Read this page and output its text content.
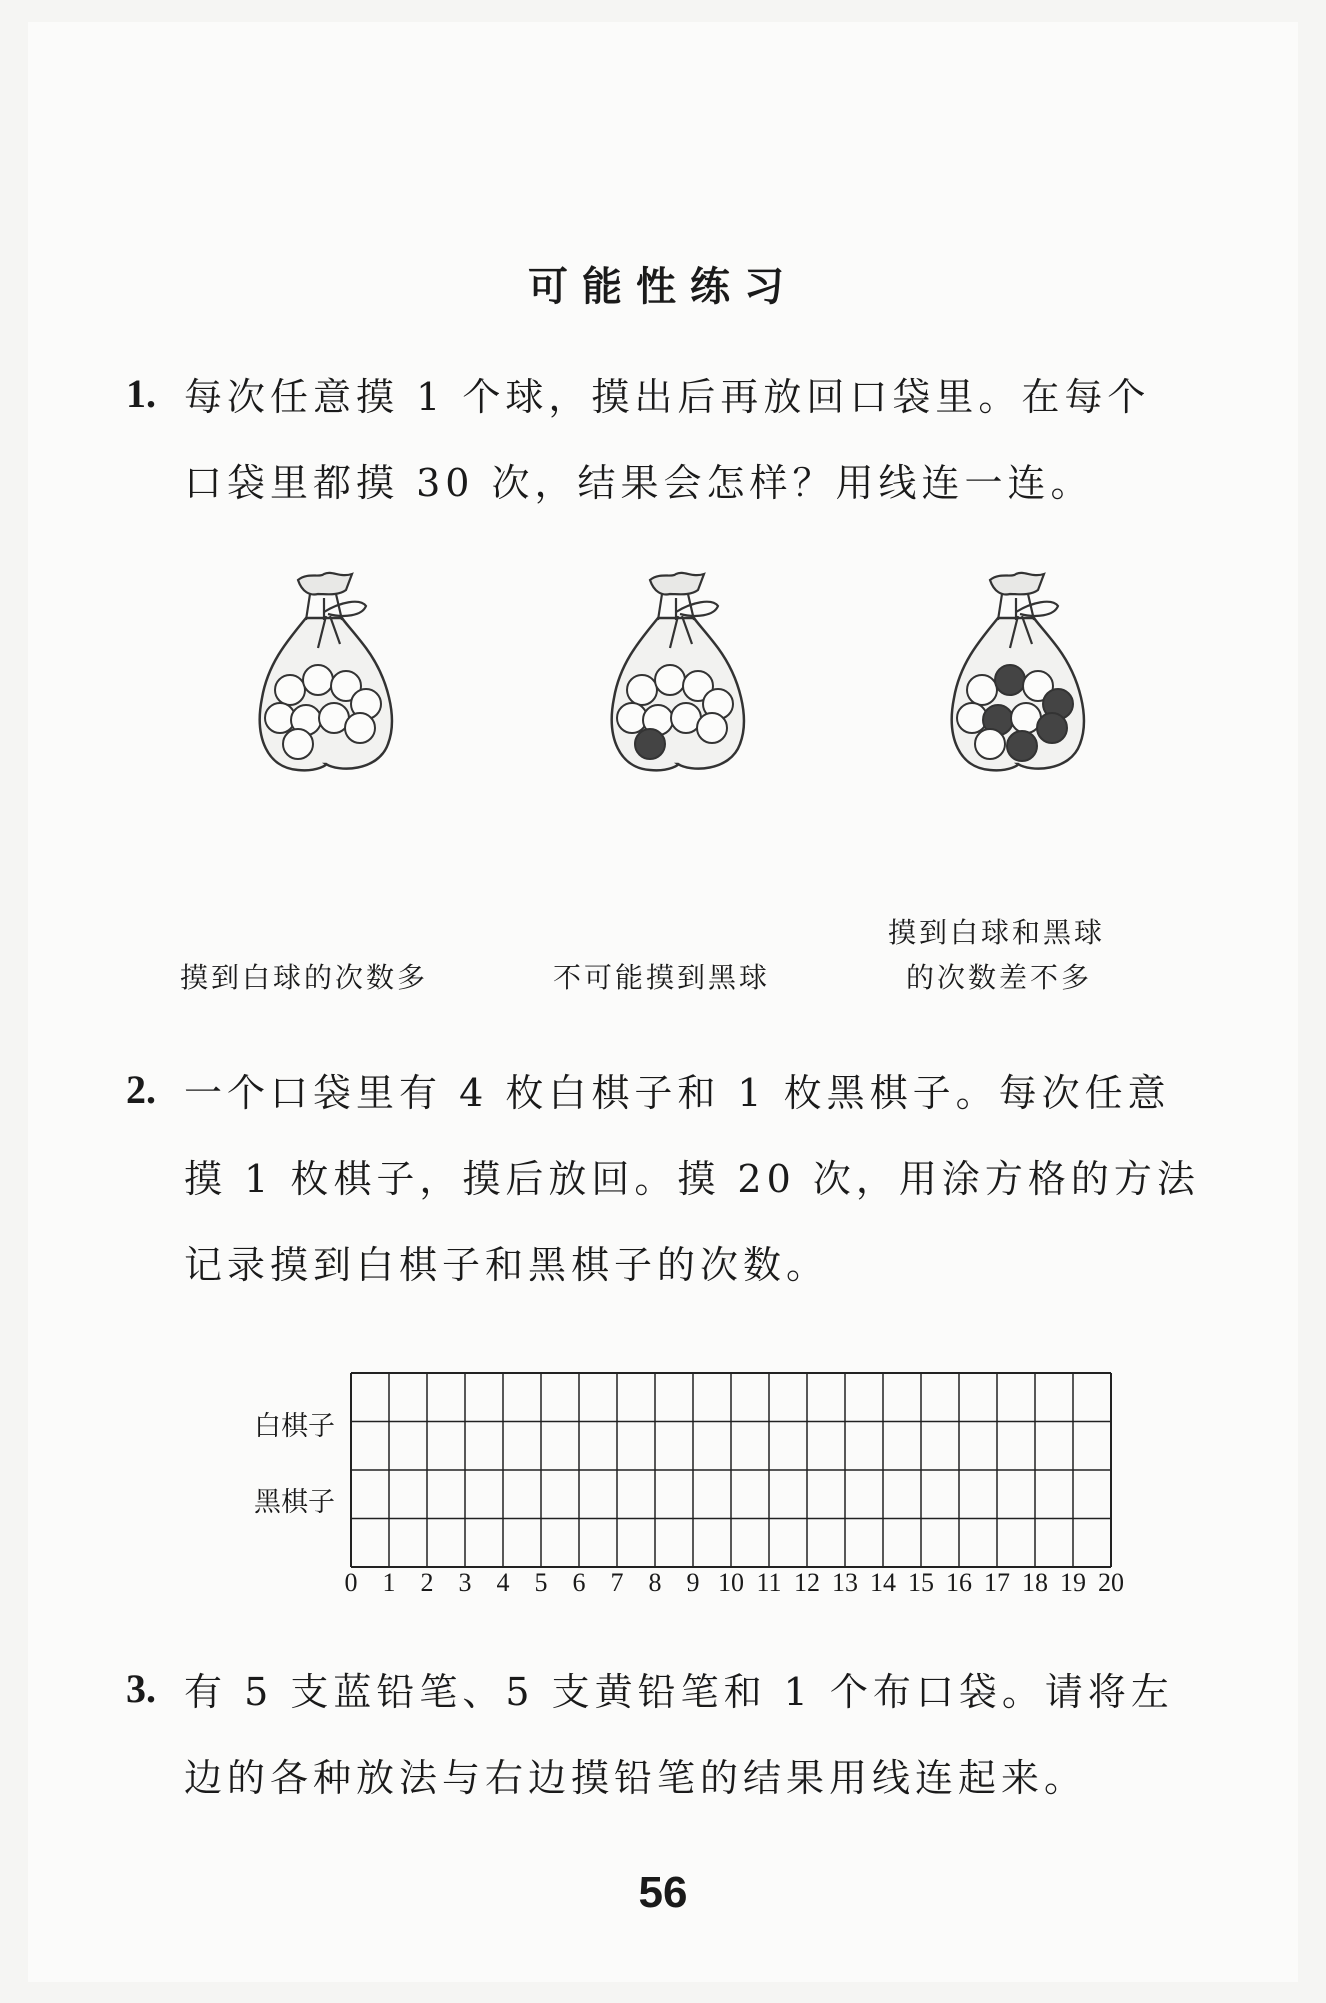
可能性练习
1. 每次任意摸 1 个球，摸出后再放回口袋里。在每个
口袋里都摸 30 次，结果会怎样？用线连一连。
摸到白球的次数多	不可能摸到黑球
摸到白球和黑球
的次数差不多
2. 一个口袋里有 4 枚白棋子和 1 枚黑棋子。每次任意
摸 1 枚棋子，摸后放回。摸 20 次，用涂方格的方法
记录摸到白棋子和黑棋子的次数。
白棋子
黑棋子
0 1 2 3 4 5 6 7 8 9 10 11 12 13 14 15 16 17 18 19 20
3. 有 5 支蓝铅笔、5 支黄铅笔和 1 个布口袋。请将左
边的各种放法与右边摸铅笔的结果用线连起来。
56
